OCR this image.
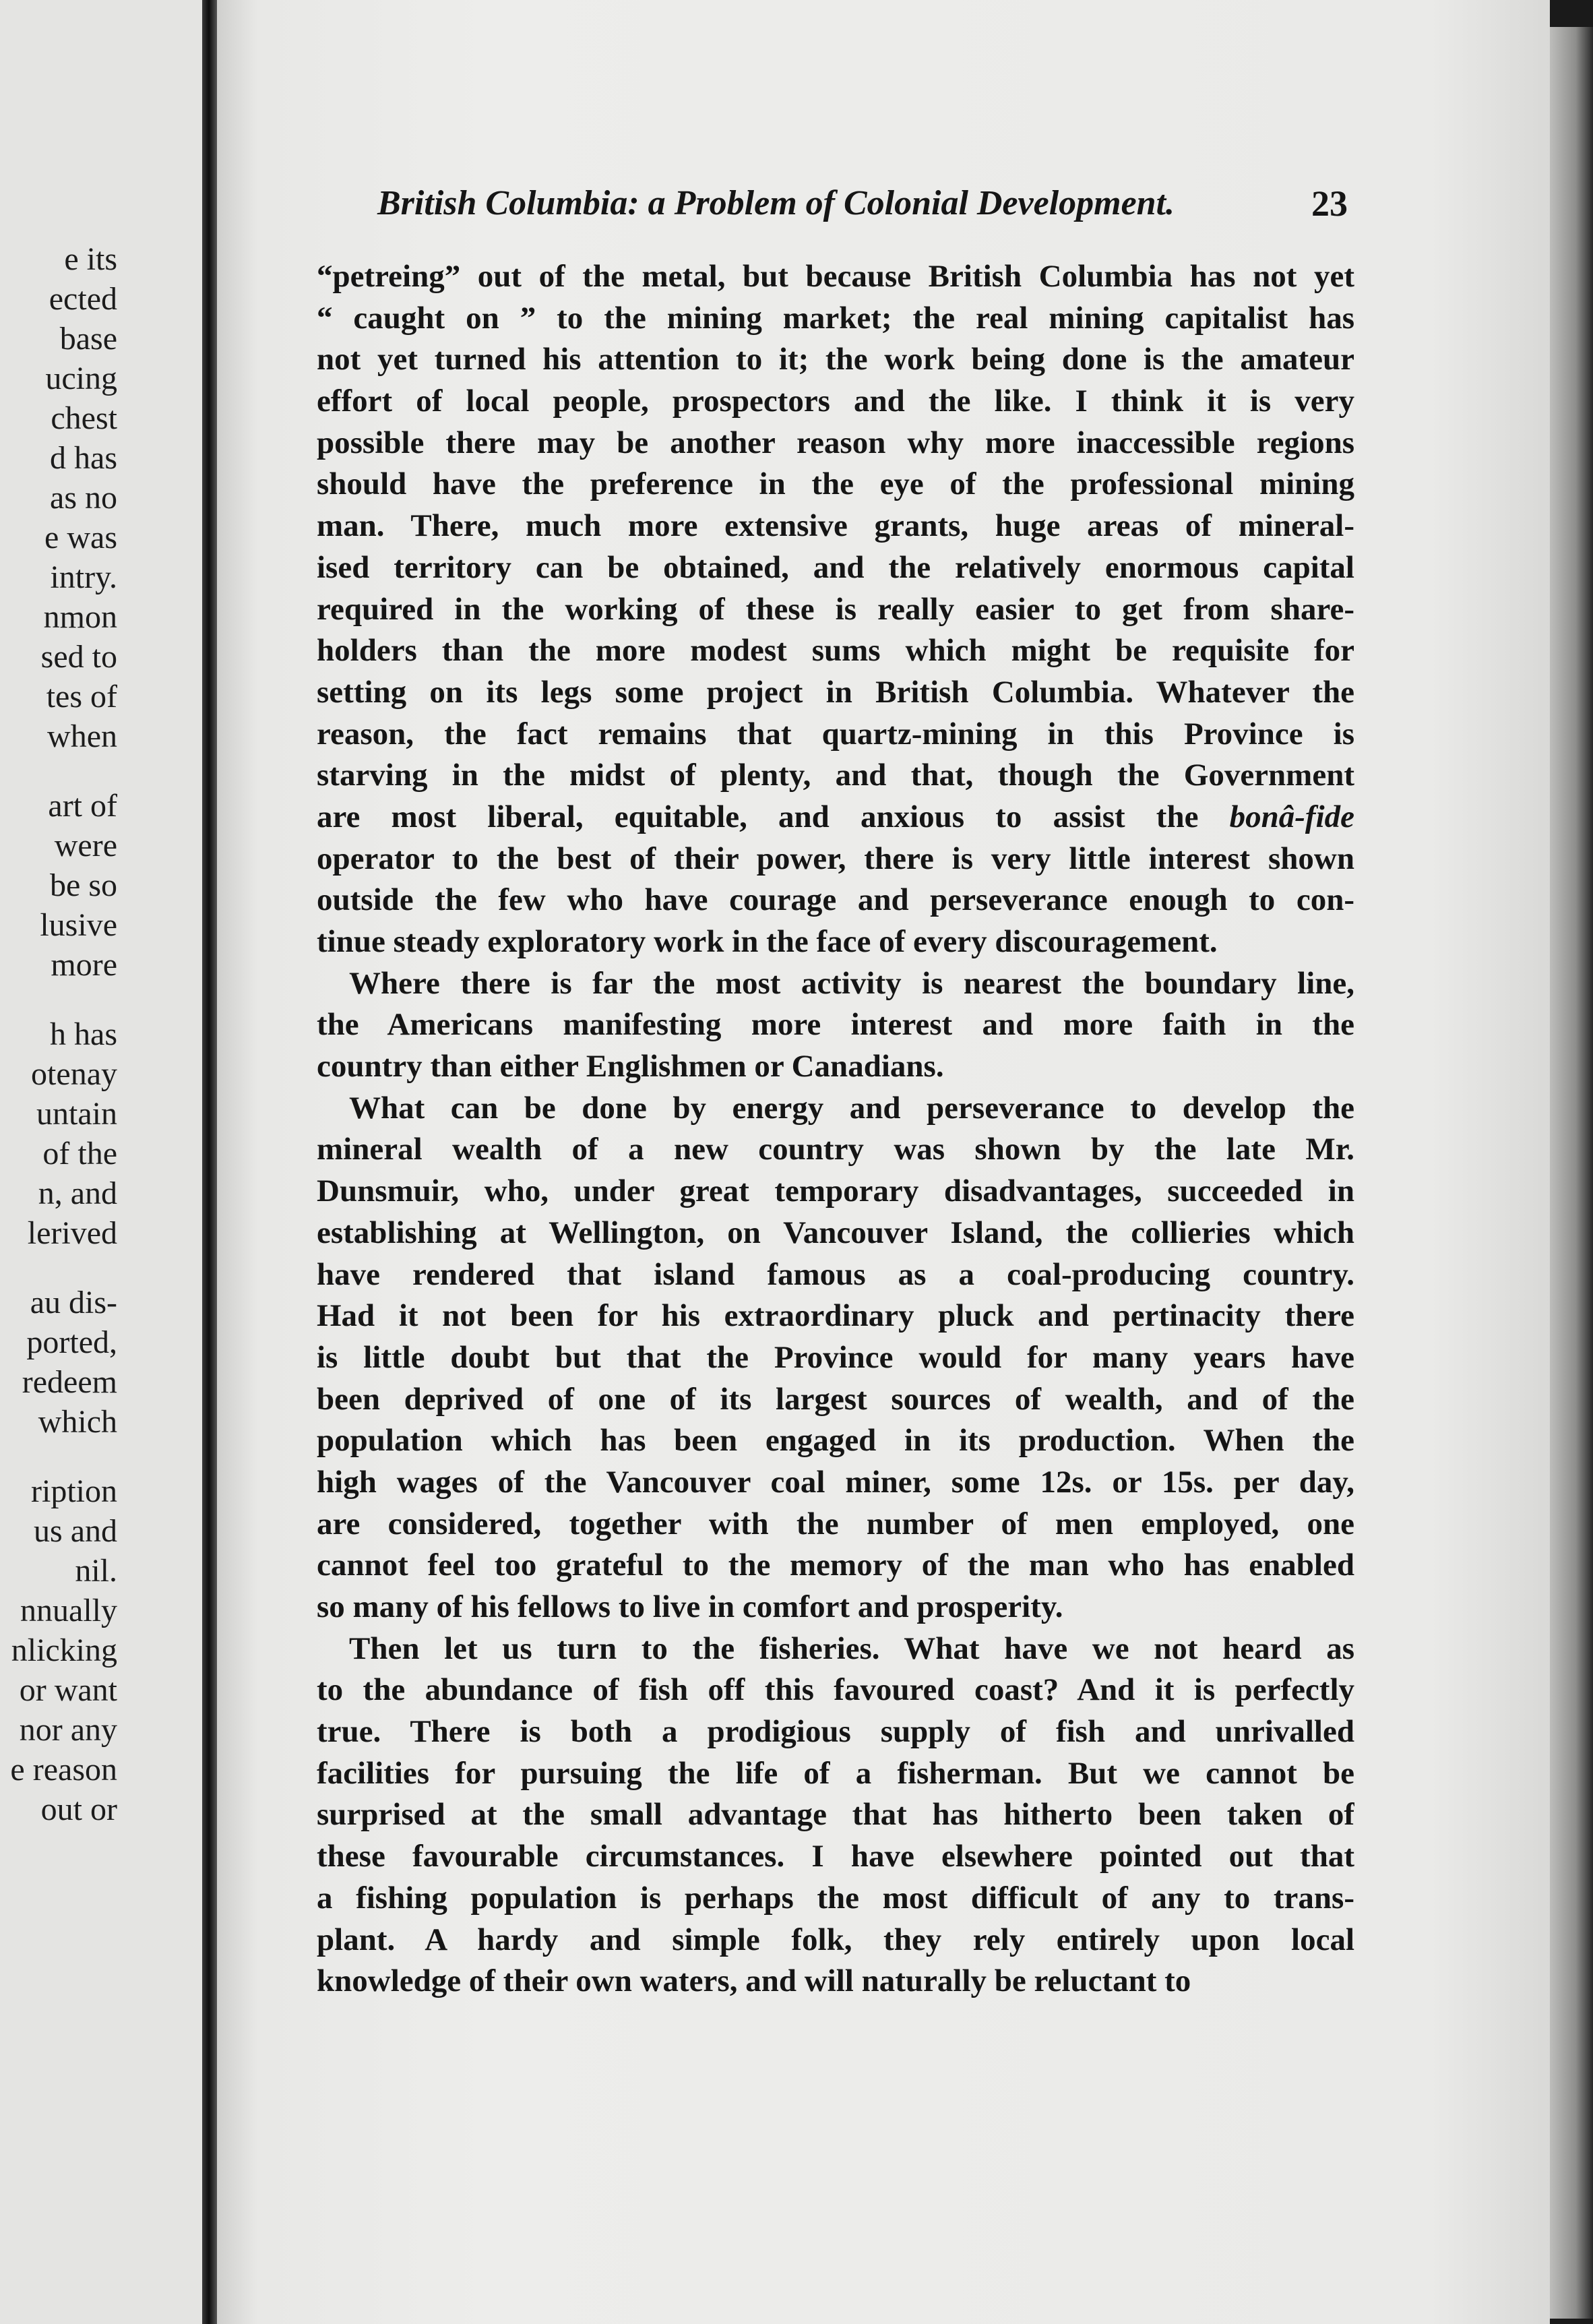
e its
ected
base
ucing
chest
d has
as no
e was
intry.
nmon
sed to
tes of
when
art of
were
be so
lusive
more
h has
otenay
untain
of the
n, and
lerived
au dis-
ported,
redeem
which
ription
us and
nil.
nnually
nlicking
or want
nor any
e reason
out or
British Columbia: a Problem of Colonial Development.	23
“petreing” out of the metal, but because British Columbia has not yet
“ caught on ” to the mining market; the real mining capitalist has
not yet turned his attention to it; the work being done is the amateur
effort of local people, prospectors and the like. I think it is very
possible there may be another reason why more inaccessible regions
should have the preference in the eye of the professional mining
man. There, much more extensive grants, huge areas of mineral-
ised territory can be obtained, and the relatively enormous capital
required in the working of these is really easier to get from share-
holders than the more modest sums which might be requisite for
setting on its legs some project in British Columbia. Whatever the
reason, the fact remains that quartz-mining in this Province is
starving in the midst of plenty, and that, though the Government
are most liberal, equitable, and anxious to assist the bonâ-fide
operator to the best of their power, there is very little interest shown
outside the few who have courage and perseverance enough to con-
tinue steady exploratory work in the face of every discouragement.
Where there is far the most activity is nearest the boundary line,
the Americans manifesting more interest and more faith in the
country than either Englishmen or Canadians.
What can be done by energy and perseverance to develop the
mineral wealth of a new country was shown by the late Mr.
Dunsmuir, who, under great temporary disadvantages, succeeded in
establishing at Wellington, on Vancouver Island, the collieries which
have rendered that island famous as a coal-producing country.
Had it not been for his extraordinary pluck and pertinacity there
is little doubt but that the Province would for many years have
been deprived of one of its largest sources of wealth, and of the
population which has been engaged in its production. When the
high wages of the Vancouver coal miner, some 12s. or 15s. per day,
are considered, together with the number of men employed, one
cannot feel too grateful to the memory of the man who has enabled
so many of his fellows to live in comfort and prosperity.
Then let us turn to the fisheries. What have we not heard as
to the abundance of fish off this favoured coast? And it is perfectly
true. There is both a prodigious supply of fish and unrivalled
facilities for pursuing the life of a fisherman. But we cannot be
surprised at the small advantage that has hitherto been taken of
these favourable circumstances. I have elsewhere pointed out that
a fishing population is perhaps the most difficult of any to trans-
plant. A hardy and simple folk, they rely entirely upon local
knowledge of their own waters, and will naturally be reluctant to
